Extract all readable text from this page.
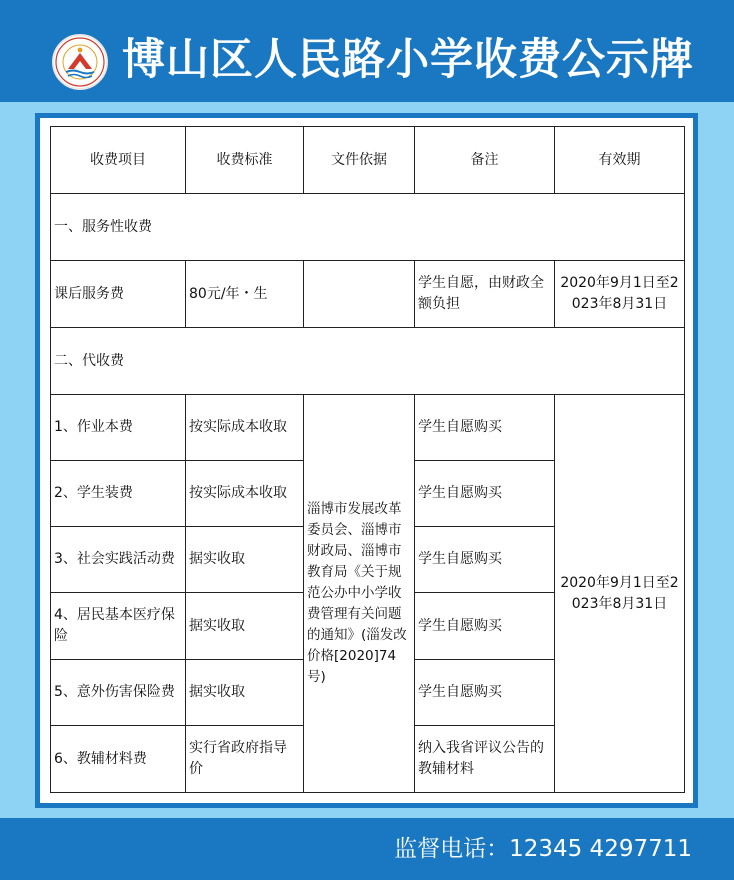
博山区人民路小学收费公示牌
收费项目	收费标准	文件依据	备注	有效期
一、服务性收费				
课后服务费	80元/年・生		学生自愿，由财政全额负担	2020年9月1日至2023年8月31日
二、代收费				
1、作业本费	按实际成本收取	淄博市发展改革委员会、淄博市财政局、淄博市教育局《关于规范公办中小学收费管理有关问题的通知》(淄发改价格[2020]74号)	学生自愿购买	2020年9月1日至2023年8月31日
2、学生装费	按实际成本收取		学生自愿购买	
3、社会实践活动费	据实收取		学生自愿购买	
4、居民基本医疗保险	据实收取		学生自愿购买	
5、意外伤害保险费	据实收取		学生自愿购买	
6、教辅材料费	实行省政府指导价		纳入我省评议公告的教辅材料	
监督电话：12345 4297711
